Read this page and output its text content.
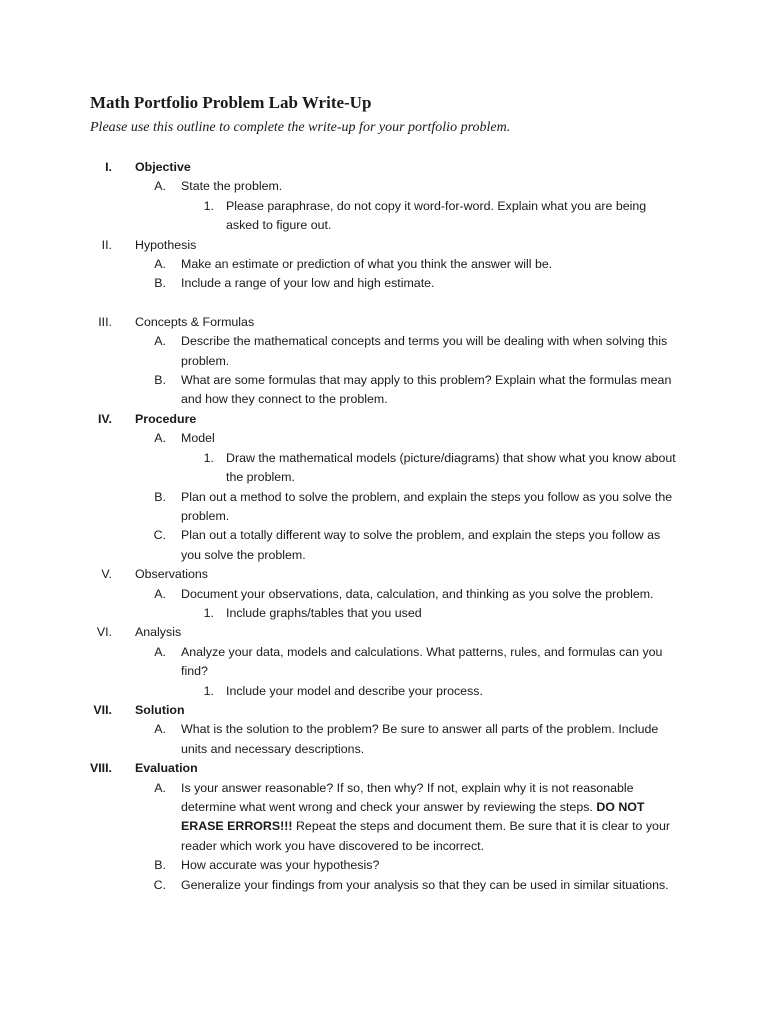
Math Portfolio Problem Lab Write-Up
Please use this outline to complete the write-up for your portfolio problem.
I. Objective
A. State the problem.
1. Please paraphrase, do not copy it word-for-word. Explain what you are being asked to figure out.
II. Hypothesis
A. Make an estimate or prediction of what you think the answer will be.
B. Include a range of your low and high estimate.
III. Concepts & Formulas
A. Describe the mathematical concepts and terms you will be dealing with when solving this problem.
B. What are some formulas that may apply to this problem? Explain what the formulas mean and how they connect to the problem.
IV. Procedure
A. Model
1. Draw the mathematical models (picture/diagrams) that show what you know about the problem.
B. Plan out a method to solve the problem, and explain the steps you follow as you solve the problem.
C. Plan out a totally different way to solve the problem, and explain the steps you follow as you solve the problem.
V. Observations
A. Document your observations, data, calculation, and thinking as you solve the problem.
1. Include graphs/tables that you used
VI. Analysis
A. Analyze your data, models and calculations. What patterns, rules, and formulas can you find?
1. Include your model and describe your process.
VII. Solution
A. What is the solution to the problem? Be sure to answer all parts of the problem. Include units and necessary descriptions.
VIII. Evaluation
A. Is your answer reasonable? If so, then why? If not, explain why it is not reasonable determine what went wrong and check your answer by reviewing the steps. DO NOT ERASE ERRORS!!! Repeat the steps and document them. Be sure that it is clear to your reader which work you have discovered to be incorrect.
B. How accurate was your hypothesis?
C. Generalize your findings from your analysis so that they can be used in similar situations.
